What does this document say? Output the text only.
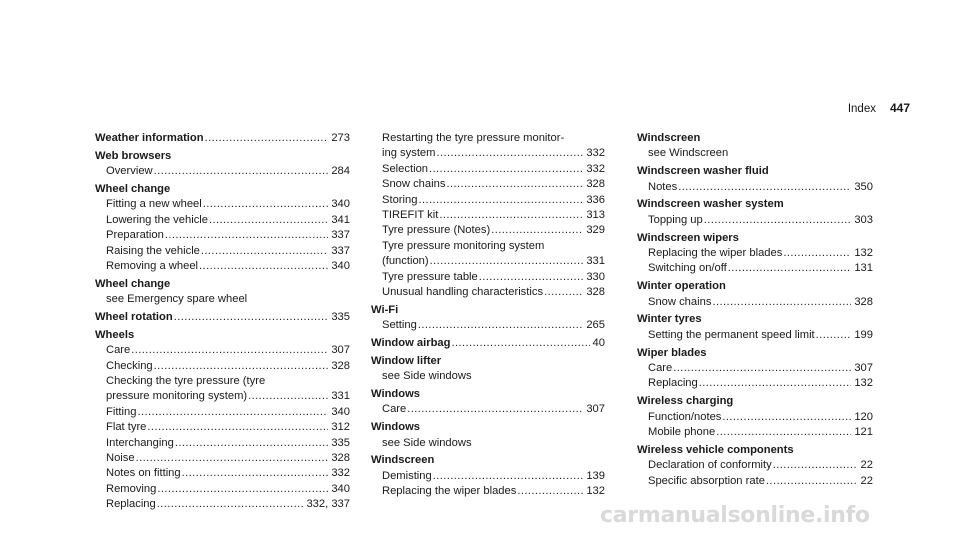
Index 447
Weather information .....	273
Web browsers
Overview .....	284
Wheel change
Fitting a new wheel .....	340
Lowering the vehicle .....	341
Preparation .....	337
Raising the vehicle .....	337
Removing a wheel .....	340
Wheel change
see Emergency spare wheel
Wheel rotation .....	335
Wheels
Care .....	307
Checking .....	328
Checking the tyre pressure (tyre
pressure monitoring system) .....	331
Fitting .....	340
Flat tyre .....	312
Interchanging .....	335
Noise .....	328
Notes on fitting .....	332
Removing .....	340
Replacing .....	332, 337
Restarting the tyre pressure monitor-
ing system .....	332
Selection .....	332
Snow chains .....	328
Storing .....	336
TIREFIT kit .....	313
Tyre pressure (Notes) .....	329
Tyre pressure monitoring system
(function) .....	331
Tyre pressure table .....	330
Unusual handling characteristics .....	328
Wi-Fi
Setting .....	265
Window airbag .....	40
Window lifter
see Side windows
Windows
Care .....	307
Windows
see Side windows
Windscreen
Demisting .....	139
Replacing the wiper blades .....	132
Windscreen
see Windscreen
Windscreen washer fluid
Notes .....	350
Windscreen washer system
Topping up .....	303
Windscreen wipers
Replacing the wiper blades .....	132
Switching on/off .....	131
Winter operation
Snow chains .....	328
Winter tyres
Setting the permanent speed limit .....	199
Wiper blades
Care .....	307
Replacing .....	132
Wireless charging
Function/notes .....	120
Mobile phone .....	121
Wireless vehicle components
Declaration of conformity .....	22
Specific absorption rate .....	22
carmanualsonline.info
